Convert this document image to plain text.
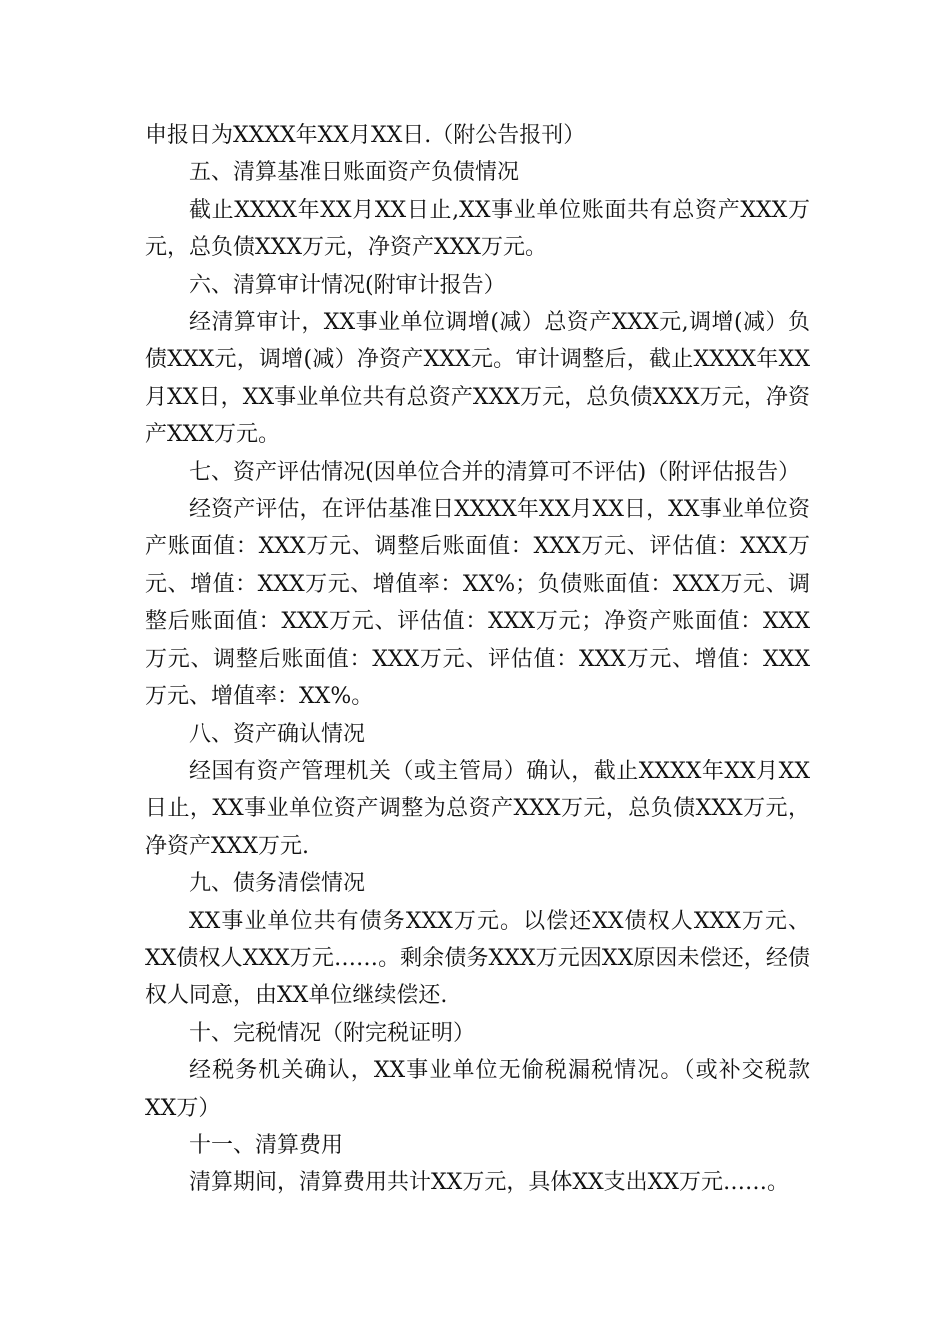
申报日为XXXX年XX月XX日.（附公告报刊）

五、清算基准日账面资产负债情况

截止XXXX年XX月XX日止,XX事业单位账面共有总资产XXX万元，总负债XXX万元，净资产XXX万元。

六、清算审计情况(附审计报告）

经清算审计，XX事业单位调增(减）总资产XXX元,调增(减）负债XXX元，调增(减）净资产XXX元。审计调整后，截止XXXX年XX月XX日，XX事业单位共有总资产XXX万元，总负债XXX万元，净资产XXX万元。

七、资产评估情况(因单位合并的清算可不评估)（附评估报告）

经资产评估，在评估基准日XXXX年XX月XX日，XX事业单位资产账面值：XXX万元、调整后账面值：XXX万元、评估值：XXX万元、增值：XXX万元、增值率：XX%；负债账面值：XXX万元、调整后账面值：XXX万元、评估值：XXX万元；净资产账面值：XXX万元、调整后账面值：XXX万元、评估值：XXX万元、增值：XXX万元、增值率：XX%。

八、资产确认情况

经国有资产管理机关（或主管局）确认，截止XXXX年XX月XX日止，XX事业单位资产调整为总资产XXX万元，总负债XXX万元，净资产XXX万元.

九、债务清偿情况

XX事业单位共有债务XXX万元。以偿还XX债权人XXX万元、XX债权人XXX万元……。剩余债务XXX万元因XX原因未偿还，经债权人同意，由XX单位继续偿还.

十、完税情况（附完税证明）

经税务机关确认，XX事业单位无偷税漏税情况。（或补交税款XX万）

十一、清算费用

清算期间，清算费用共计XX万元，具体XX支出XX万元……。
